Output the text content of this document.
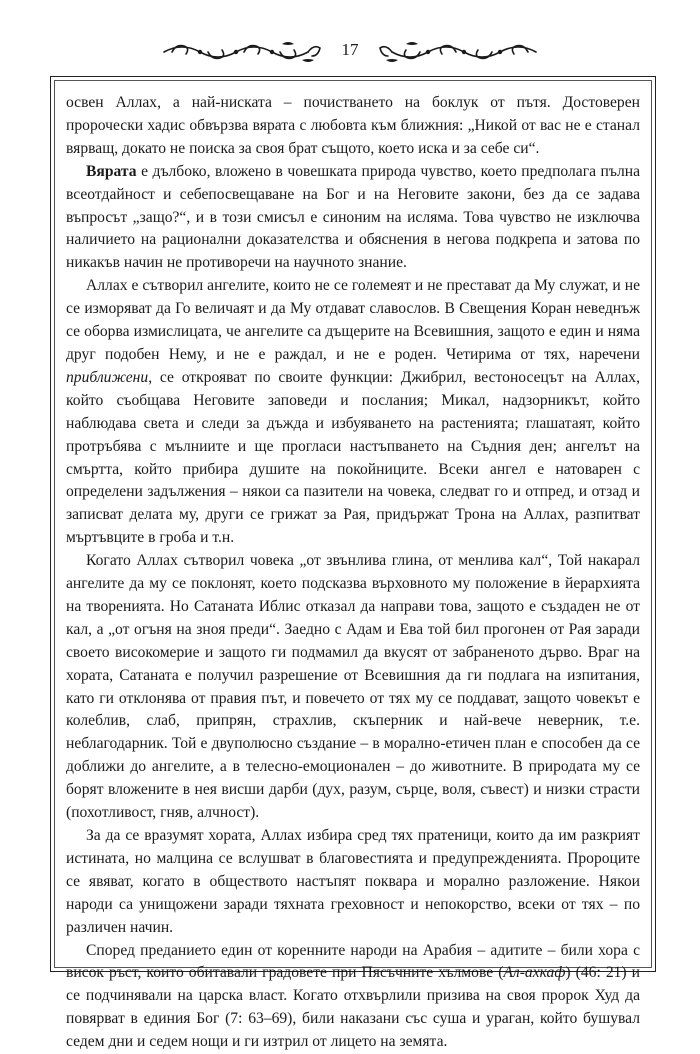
17

освен Аллах, а най-ниската – почистването на боклук от пътя. Достоверен пророчески хадис обвързва вярата с любовта към ближния: „Никой от вас не е станал вярващ, докато не поиска за своя брат същото, което иска и за себе си“.

Вярата е дълбоко, вложено в човешката природа чувство, което предполага пълна всеотдайност и себепосвещаване на Бог и на Неговите закони, без да се задава въпросът „защо?“, и в този смисъл е синоним на исляма. Това чувство не изключва наличието на рационални доказателства и обяснения в негова подкрепа и затова по никакъв начин не противоречи на научното знание.

Аллах е сътворил ангелите, които не се големеят и не престават да Му служат, и не се изморяват да Го величаят и да Му отдават славослов. В Свещения Коран неведнъж се оборва измислицата, че ангелите са дъщерите на Всевишния, защото е един и няма друг подобен Нему, и не е раждал, и не е роден. Четирима от тях, наречени приближени, се открояват по своите функции: Джибрил, вестоносецът на Аллах, който съобщава Неговите заповеди и послания; Микал, надзорникът, който наблюдава света и следи за дъжда и избуяването на растенията; глашатаят, който протръбява с мълниите и ще проглаcи настъпването на Съдния ден; ангелът на смъртта, който прибира душите на покойниците. Всеки ангел е натоварен с определени задължения – някои са пазители на човека, следват го и отпред, и отзад и записват делата му, други се грижат за Рая, придържат Трона на Аллах, разпитват мъртъвците в гроба и т.н.

Когато Аллах сътворил човека „от звънлива глина, от менлива кал“, Той накарал ангелите да му се поклонят, което подсказва върховното му положение в йерархията на творенията. Но Сатаната Иблис отказал да направи това, защото е създаден не от кал, а „от огъня на зноя преди“. Заедно с Адам и Ева той бил прогонен от Рая заради своето високомерие и защото ги подмамил да вкусят от забраненото дърво. Враг на хората, Сатаната е получил разрешение от Всевишния да ги подлага на изпитания, като ги отклонява от правия път, и повечето от тях му се поддават, защото човекът е колеблив, слаб, припрян, страхлив, скъперник и най-вече неверник, т.е. неблагодарник. Той е двуполюсно създание – в морално-етичен план е способен да се доближи до ангелите, а в телесно-емоционален – до животните. В природата му се борят вложените в нея висши дарби (дух, разум, сърце, воля, съвест) и низки страсти (похотливост, гняв, алчност).

За да се вразумят хората, Аллах избира сред тях пратеници, които да им разкрият истината, но малцина се вслушват в благовестията и предупрежденията. Пророците се явяват, когато в обществото настъпят покварa и морално разложение. Някои народи са унищожени заради тяхната греховност и непокорство, всеки от тях – по различен начин.

Според преданието един от коренните народи на Арабия – адитите – били хора с висок ръст, които обитавали градовете при Пясъчните хълмове (Ал-ахкаф) (46: 21) и се подчинявали на царска власт. Когато отхвърлили призива на своя пророк Худ да повярват в единия Бог (7: 63–69), били наказани със суша и ураган, който бушувал седем дни и седем нощи и ги изтрил от лицето на земята.
